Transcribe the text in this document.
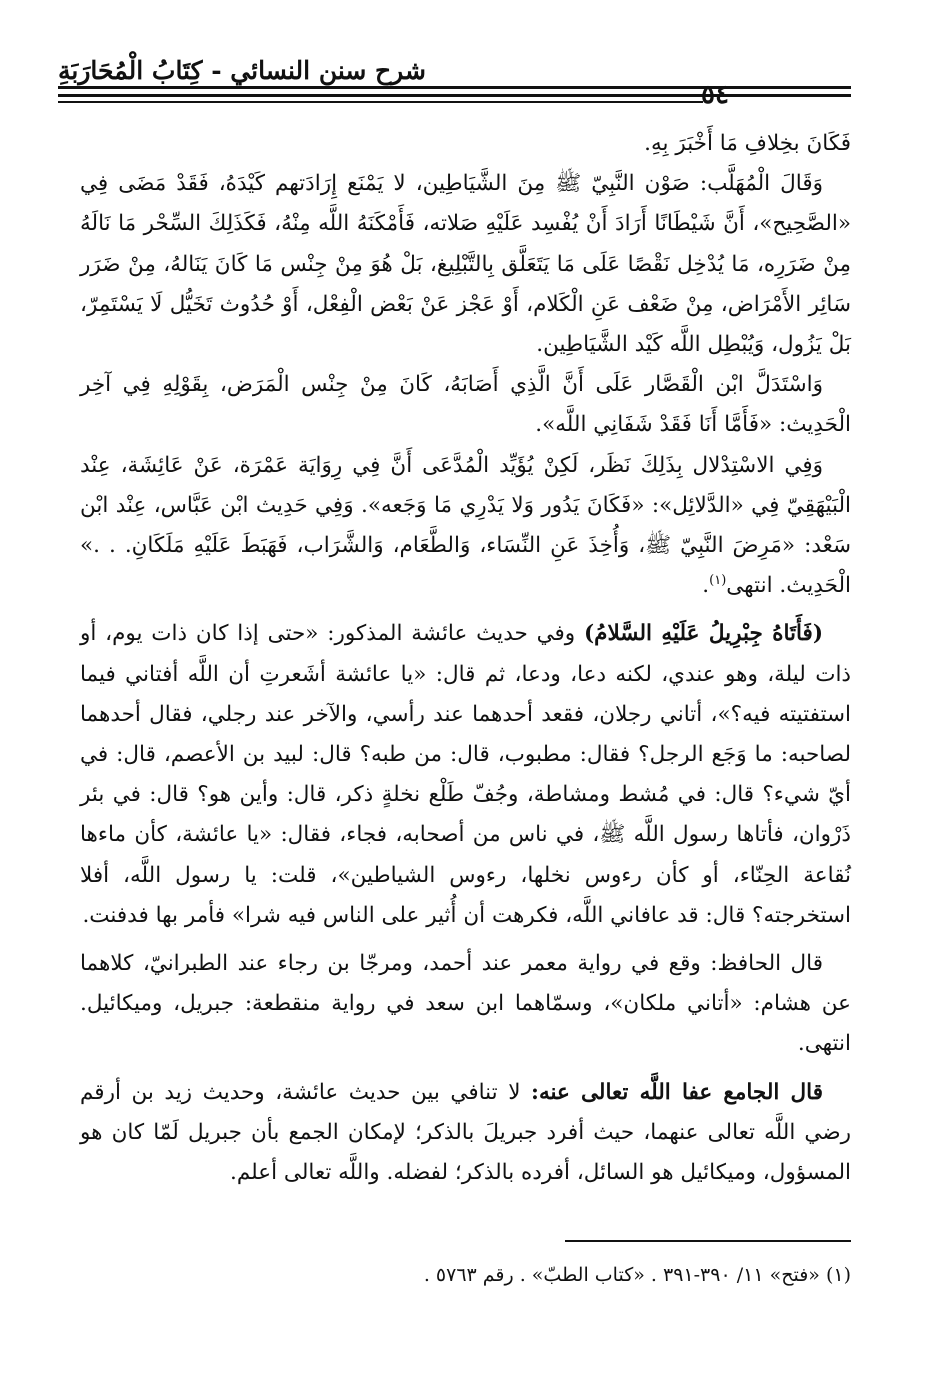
شرح سنن النسائي - كِتَابُ الْمُحَارَبَةِ
٥٤

فَكَانَ بخِلافِ مَا أَخْبَرَ بِهِ.

وَقَالَ الْمُهَلَّب: صَوْن النَّبِيّ ﷺ مِنَ الشَّيَاطِين، لا يَمْنَع إِرَادَتهم كَيْدَهُ، فَقَدْ مَضَى فِي «الصَّحِيح»، أَنَّ شَيْطَانًا أَرَادَ أَنْ يُفْسِد عَلَيْهِ صَلاته، فَأَمْكَنَهُ اللَّه مِنْهُ، فَكَذَلِكَ السِّحْر مَا نَالَهُ مِنْ ضَرَرِه، مَا يُدْخِل نَقْصًا عَلَى مَا يَتَعَلَّق بِالتَّبْلِيغ، بَلْ هُوَ مِنْ جِنْس مَا كَانَ يَنَالهُ، مِنْ ضَرَر سَائِر الأَمْرَاض، مِنْ ضَعْف عَنِ الْكَلام، أَوْ عَجْز عَنْ بَعْض الْفِعْل، أَوْ حُدُوث تَخَيُّل لَا يَسْتَمِرّ، بَلْ يَزُول، وَيُبْطِل اللَّه كَيْد الشَّيَاطِين.

وَاسْتَدَلَّ ابْن الْقَصَّار عَلَى أَنَّ الَّذِي أَصَابَهُ، كَانَ مِنْ جِنْس الْمَرَض، بِقَوْلِهِ فِي آخِر الْحَدِيث: «فَأَمَّا أَنَا فَقَدْ شَفَانِي اللَّه».

وَفِي الاسْتِدْلال بِذَلِكَ نَظَر، لَكِنْ يُؤَيِّد الْمُدَّعَى أَنَّ فِي رِوَايَة عَمْرَة، عَنْ عَائِشَة، عِنْد الْبَيْهَقِيّ فِي «الدَّلائِل»: «فَكَانَ يَدُور وَلا يَدْرِي مَا وَجَعه». وَفِي حَدِيث ابْن عَبَّاس، عِنْد ابْن سَعْد: «مَرِضَ النَّبِيّ ﷺ، وَأُخِذَ عَنِ النِّسَاء، وَالطَّعَام، وَالشَّرَاب، فَهَبَطَ عَلَيْهِ مَلَكَانِ. . .» الْحَدِيث. انتهى$^{(١)}$.

(فَأَتَاهُ جِبْرِيلُ عَلَيْهِ السَّلامُ) وفي حديث عائشة المذكور: «حتى إذا كان ذات يوم، أو ذات ليلة، وهو عندي، لكنه دعا، ودعا، ثم قال: «يا عائشة أشَعرتِ أن اللَّه أفتاني فيما استفتيته فيه؟»، أتاني رجلان، فقعد أحدهما عند رأسي، والآخر عند رجلي، فقال أحدهما لصاحبه: ما وَجَع الرجل؟ فقال: مطبوب، قال: من طبه؟ قال: لبيد بن الأعصم، قال: في أيّ شيء؟ قال: في مُشط ومشاطة، وجُفّ طَلْع نخلةٍ ذكر، قال: وأين هو؟ قال: في بئر ذَرْوان، فأتاها رسول اللَّه ﷺ، في ناس من أصحابه، فجاء، فقال: «يا عائشة، كأن ماءها نُقاعة الحِنّاء، أو كأن رءوس نخلها، رءوس الشياطين»، قلت: يا رسول اللَّه، أفلا استخرجته؟ قال: قد عافاني اللَّه، فكرهت أن أُثير على الناس فيه شرا» فأمر بها فدفنت.

قال الحافظ: وقع في رواية معمر عند أحمد، ومرجّا بن رجاء عند الطبرانيّ، كلاهما عن هشام: «أتاني ملكان»، وسمّاهما ابن سعد في رواية منقطعة: جبريل، وميكائيل. انتهى.

قال الجامع عفا اللَّه تعالى عنه: لا تنافي بين حديث عائشة، وحديث زيد بن أرقم رضي اللَّه تعالى عنهما، حيث أفرد جبريلَ بالذكر؛ لإمكان الجمع بأن جبريل لَمّا كان هو المسؤول، وميكائيل هو السائل، أفرده بالذكر؛ لفضله. واللَّه تعالى أعلم.

(١) «فتح» ١١/ ٣٩٠-٣٩١ . «كتاب الطبّ» . رقم ٥٧٦٣ .
